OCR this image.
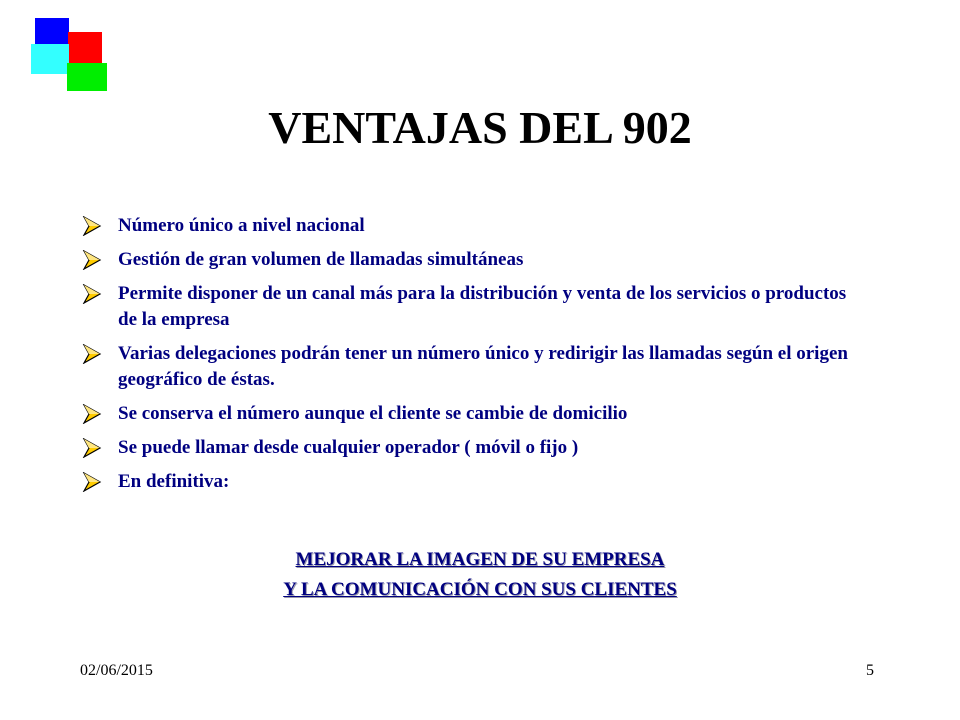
VENTAJAS DEL 902
Número único a nivel nacional
Gestión de gran volumen de llamadas simultáneas
Permite disponer de un canal más para la distribución y venta de los servicios o productos de la empresa
Varias delegaciones podrán tener un número único y redirigir las llamadas según el origen geográfico de éstas.
Se conserva el número aunque el cliente se cambie de domicilio
Se puede llamar desde cualquier operador ( móvil o fijo )
En definitiva:
MEJORAR LA IMAGEN DE SU EMPRESA
Y LA COMUNICACIÓN CON SUS CLIENTES
02/06/2015	5
